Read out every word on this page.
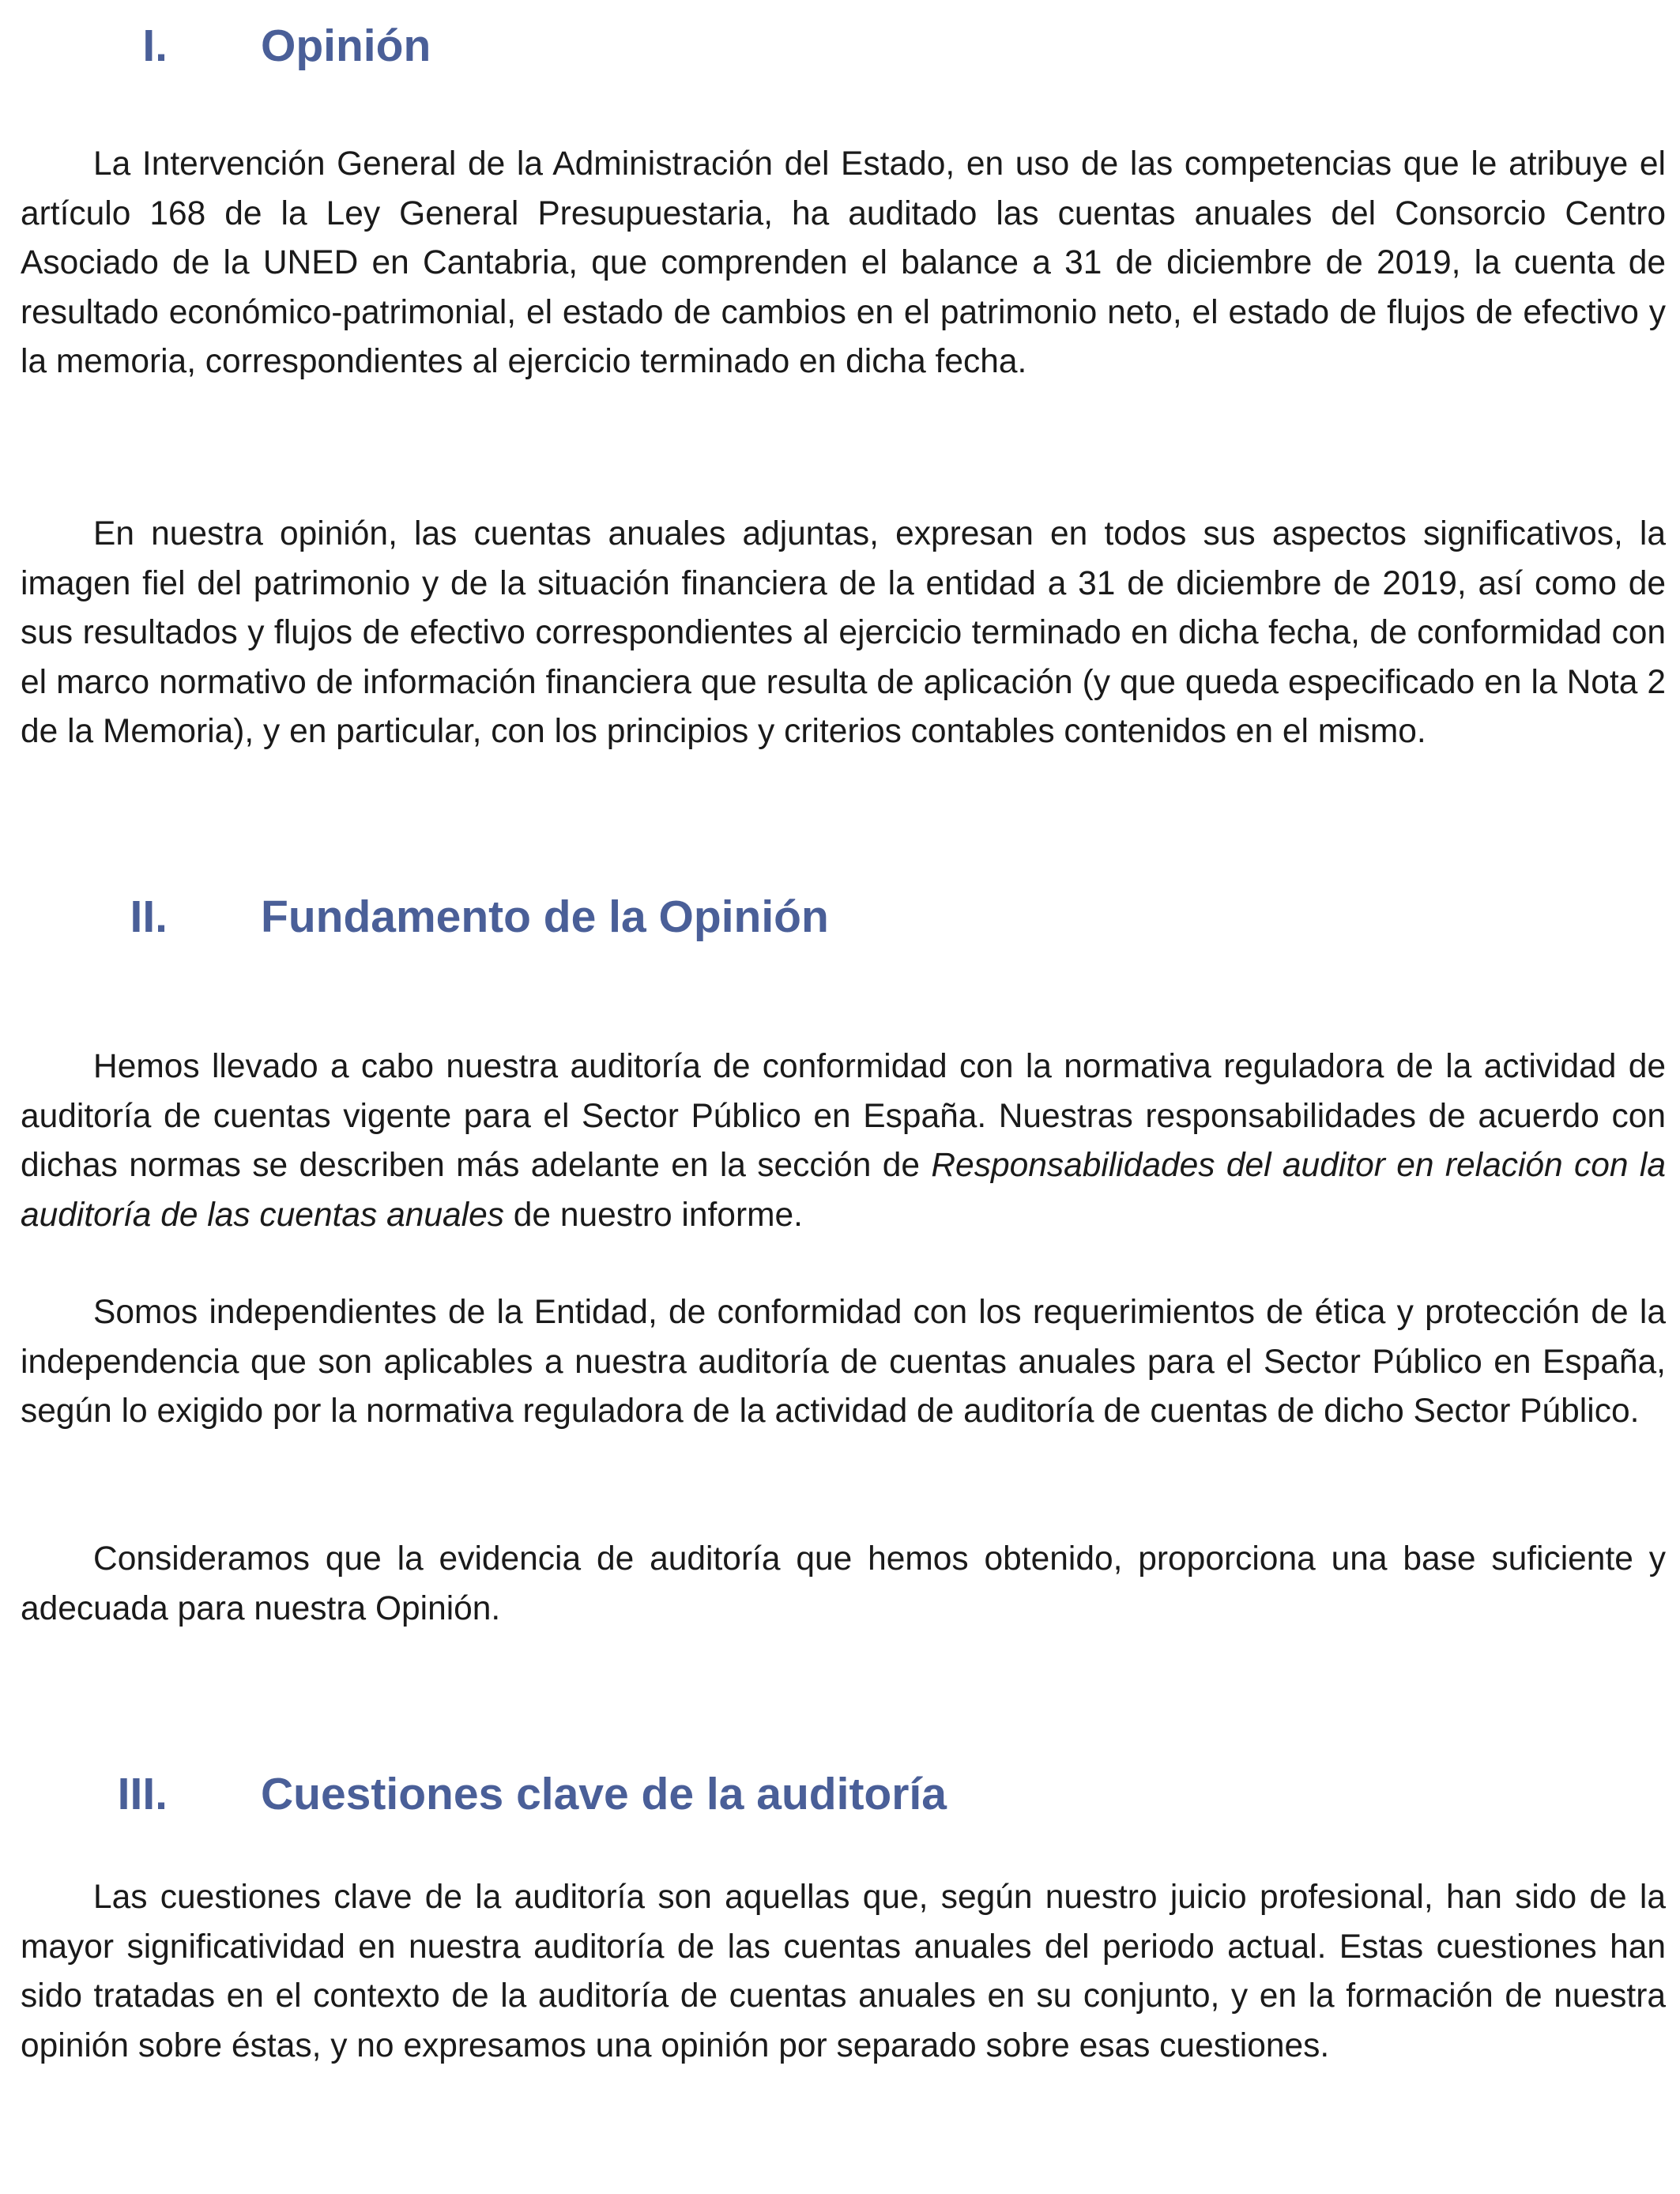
I. Opinión

La Intervención General de la Administración del Estado, en uso de las competencias que le atribuye el artículo 168 de la Ley General Presupuestaria, ha auditado las cuentas anuales del Consorcio Centro Asociado de la UNED en Cantabria, que comprenden el balance a 31 de diciembre de 2019, la cuenta de resultado económico-patrimonial, el estado de cambios en el patrimonio neto, el estado de flujos de efectivo y la memoria, correspondientes al ejercicio terminado en dicha fecha.

En nuestra opinión, las cuentas anuales adjuntas, expresan en todos sus aspectos significativos, la imagen fiel del patrimonio y de la situación financiera de la entidad a 31 de diciembre de 2019, así como de sus resultados y flujos de efectivo correspondientes al ejercicio terminado en dicha fecha, de conformidad con el marco normativo de información financiera que resulta de aplicación (y que queda especificado en la Nota 2 de la Memoria), y en particular, con los principios y criterios contables contenidos en el mismo.

II. Fundamento de la Opinión

Hemos llevado a cabo nuestra auditoría de conformidad con la normativa reguladora de la actividad de auditoría de cuentas vigente para el Sector Público en España. Nuestras responsabilidades de acuerdo con dichas normas se describen más adelante en la sección de Responsabilidades del auditor en relación con la auditoría de las cuentas anuales de nuestro informe.

Somos independientes de la Entidad, de conformidad con los requerimientos de ética y protección de la independencia que son aplicables a nuestra auditoría de cuentas anuales para el Sector Público en España, según lo exigido por la normativa reguladora de la actividad de auditoría de cuentas de dicho Sector Público.

Consideramos que la evidencia de auditoría que hemos obtenido, proporciona una base suficiente y adecuada para nuestra Opinión.

III. Cuestiones clave de la auditoría

Las cuestiones clave de la auditoría son aquellas que, según nuestro juicio profesional, han sido de la mayor significatividad en nuestra auditoría de las cuentas anuales del periodo actual. Estas cuestiones han sido tratadas en el contexto de la auditoría de cuentas anuales en su conjunto, y en la formación de nuestra opinión sobre éstas, y no expresamos una opinión por separado sobre esas cuestiones.
